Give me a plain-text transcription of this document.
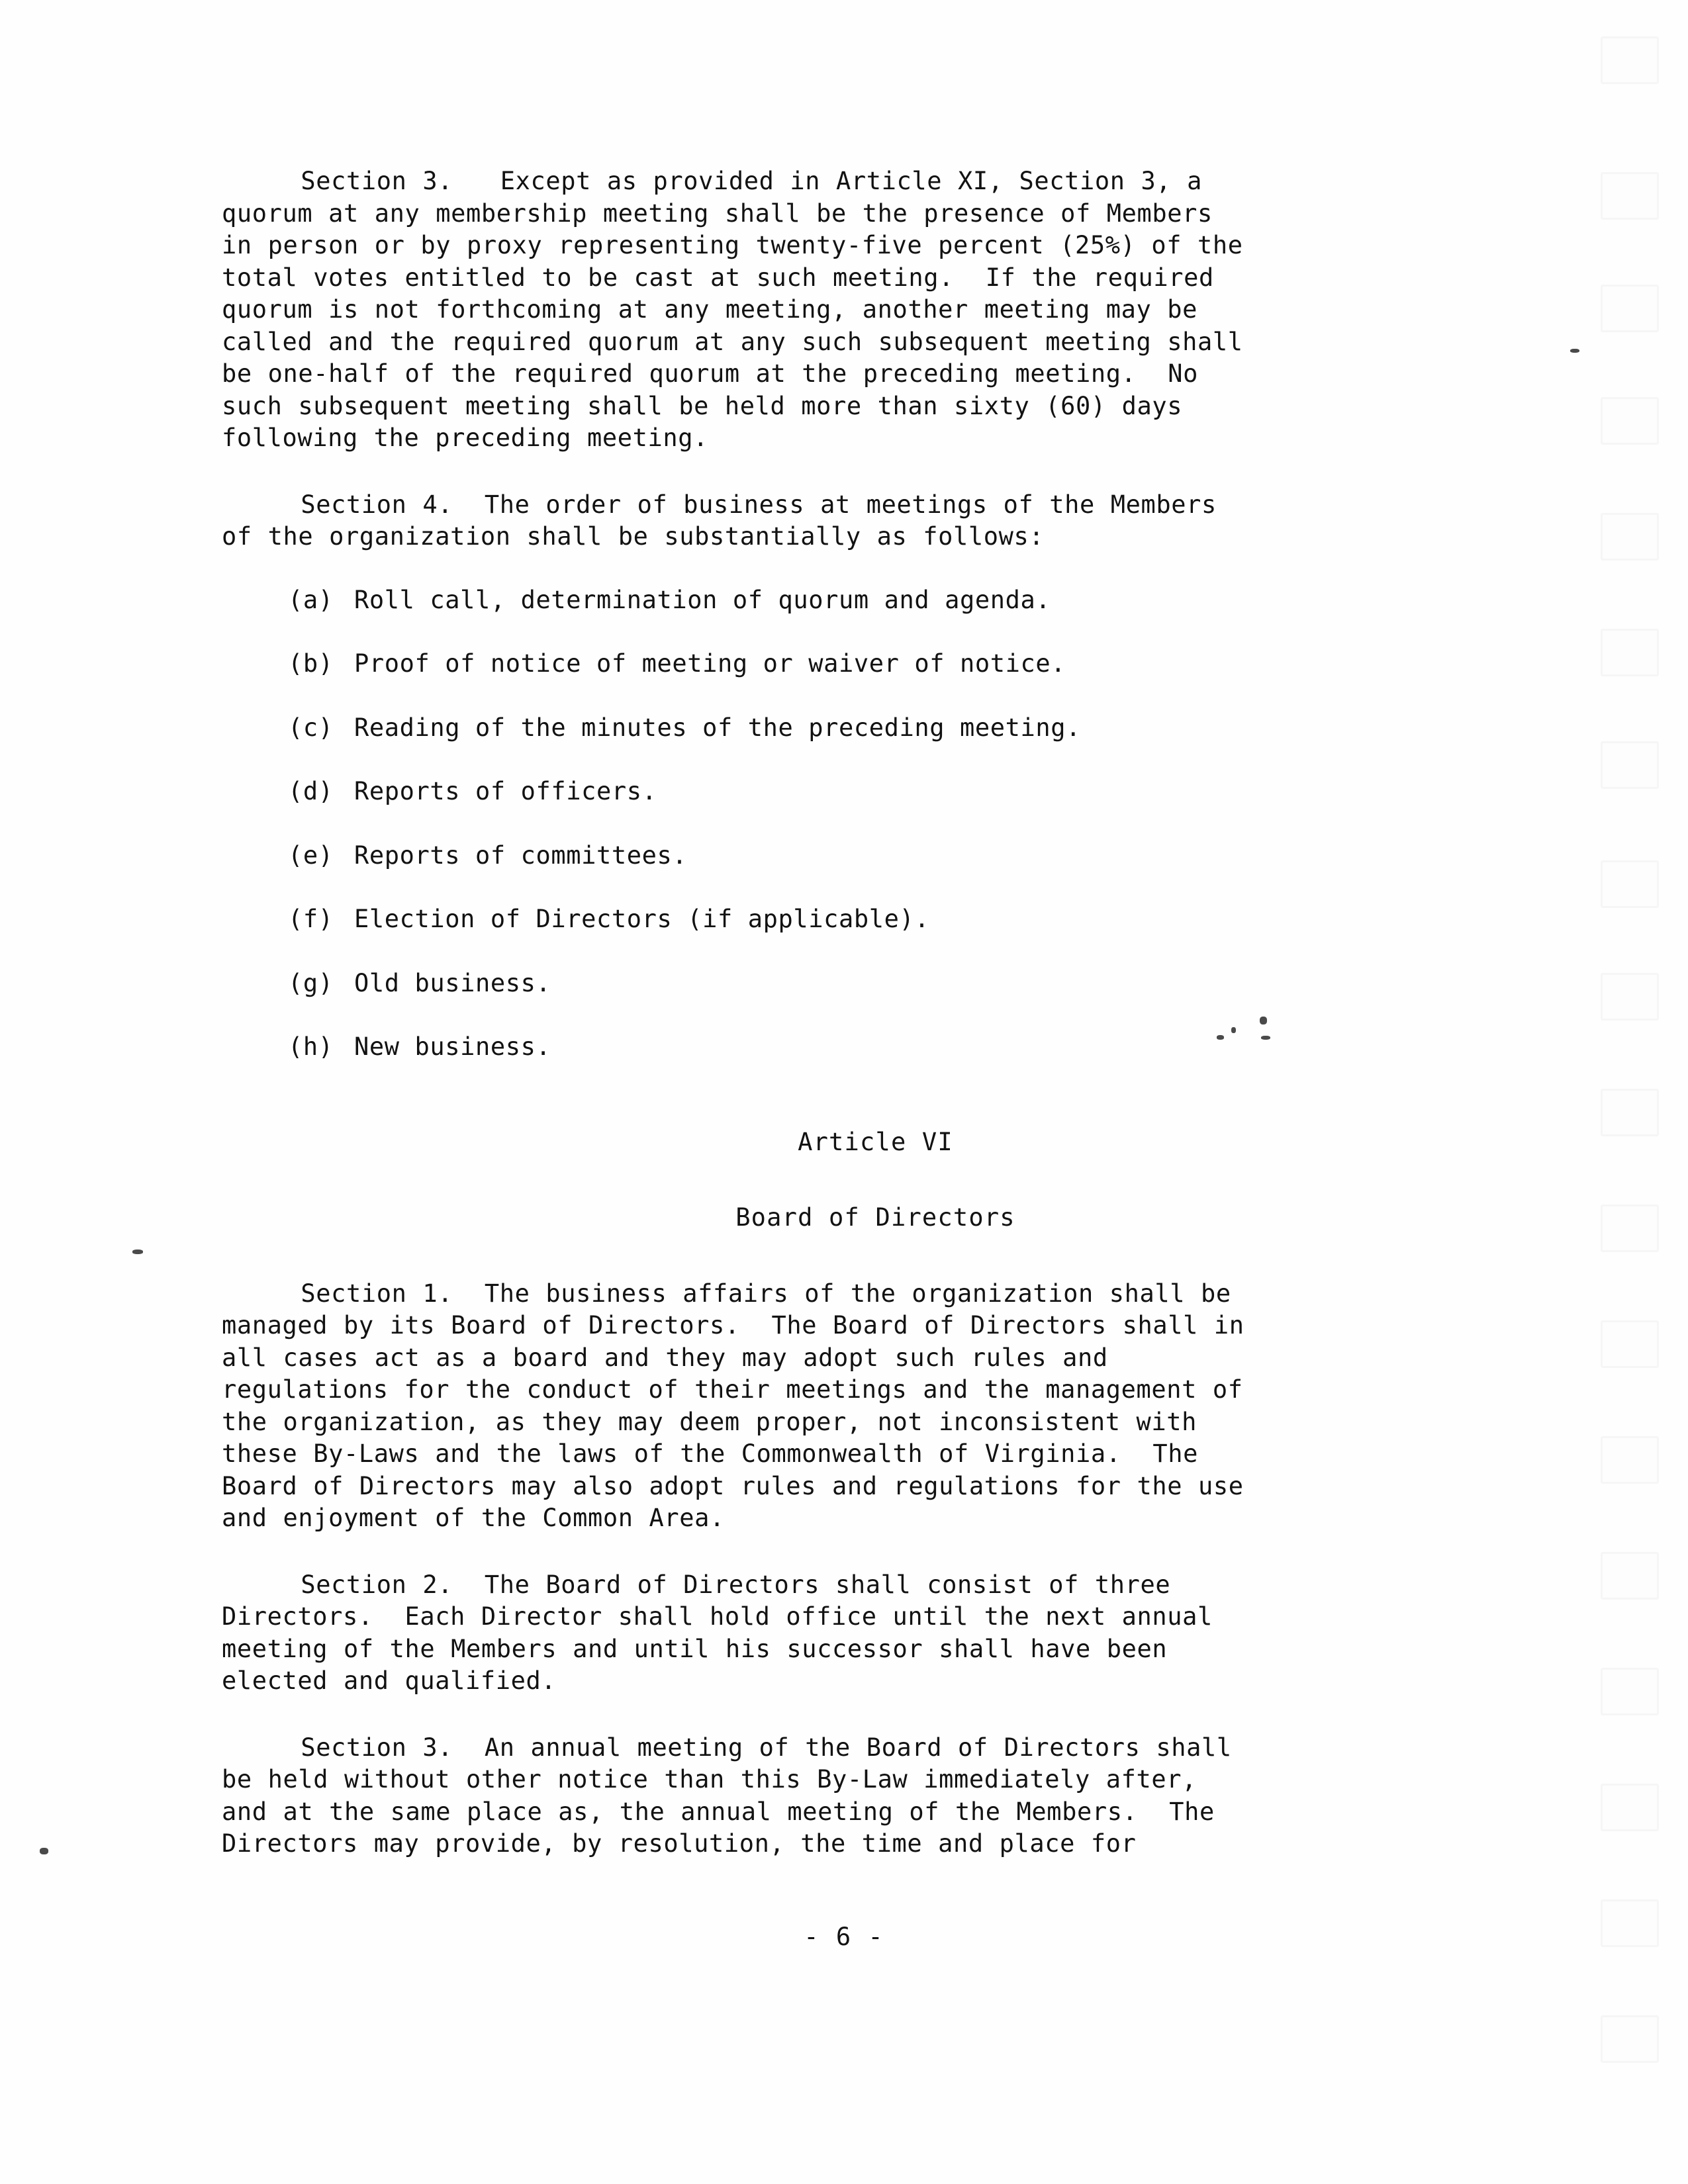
Section 3.   Except as provided in Article XI, Section 3, a
quorum at any membership meeting shall be the presence of Members
in person or by proxy representing twenty-five percent (25%) of the
total votes entitled to be cast at such meeting.  If the required
quorum is not forthcoming at any meeting, another meeting may be
called and the required quorum at any such subsequent meeting shall
be one-half of the required quorum at the preceding meeting.  No
such subsequent meeting shall be held more than sixty (60) days
following the preceding meeting.
Section 4.  The order of business at meetings of the Members
of the organization shall be substantially as follows:
(a) Roll call, determination of quorum and agenda.
(b) Proof of notice of meeting or waiver of notice.
(c) Reading of the minutes of the preceding meeting.
(d) Reports of officers.
(e) Reports of committees.
(f) Election of Directors (if applicable).
(g) Old business.
(h) New business.
Article VI
Board of Directors
Section 1.  The business affairs of the organization shall be
managed by its Board of Directors.  The Board of Directors shall in
all cases act as a board and they may adopt such rules and
regulations for the conduct of their meetings and the management of
the organization, as they may deem proper, not inconsistent with
these By-Laws and the laws of the Commonwealth of Virginia.  The
Board of Directors may also adopt rules and regulations for the use
and enjoyment of the Common Area.
Section 2.  The Board of Directors shall consist of three
Directors.  Each Director shall hold office until the next annual
meeting of the Members and until his successor shall have been
elected and qualified.
Section 3.  An annual meeting of the Board of Directors shall
be held without other notice than this By-Law immediately after,
and at the same place as, the annual meeting of the Members.  The
Directors may provide, by resolution, the time and place for
- 6 -
